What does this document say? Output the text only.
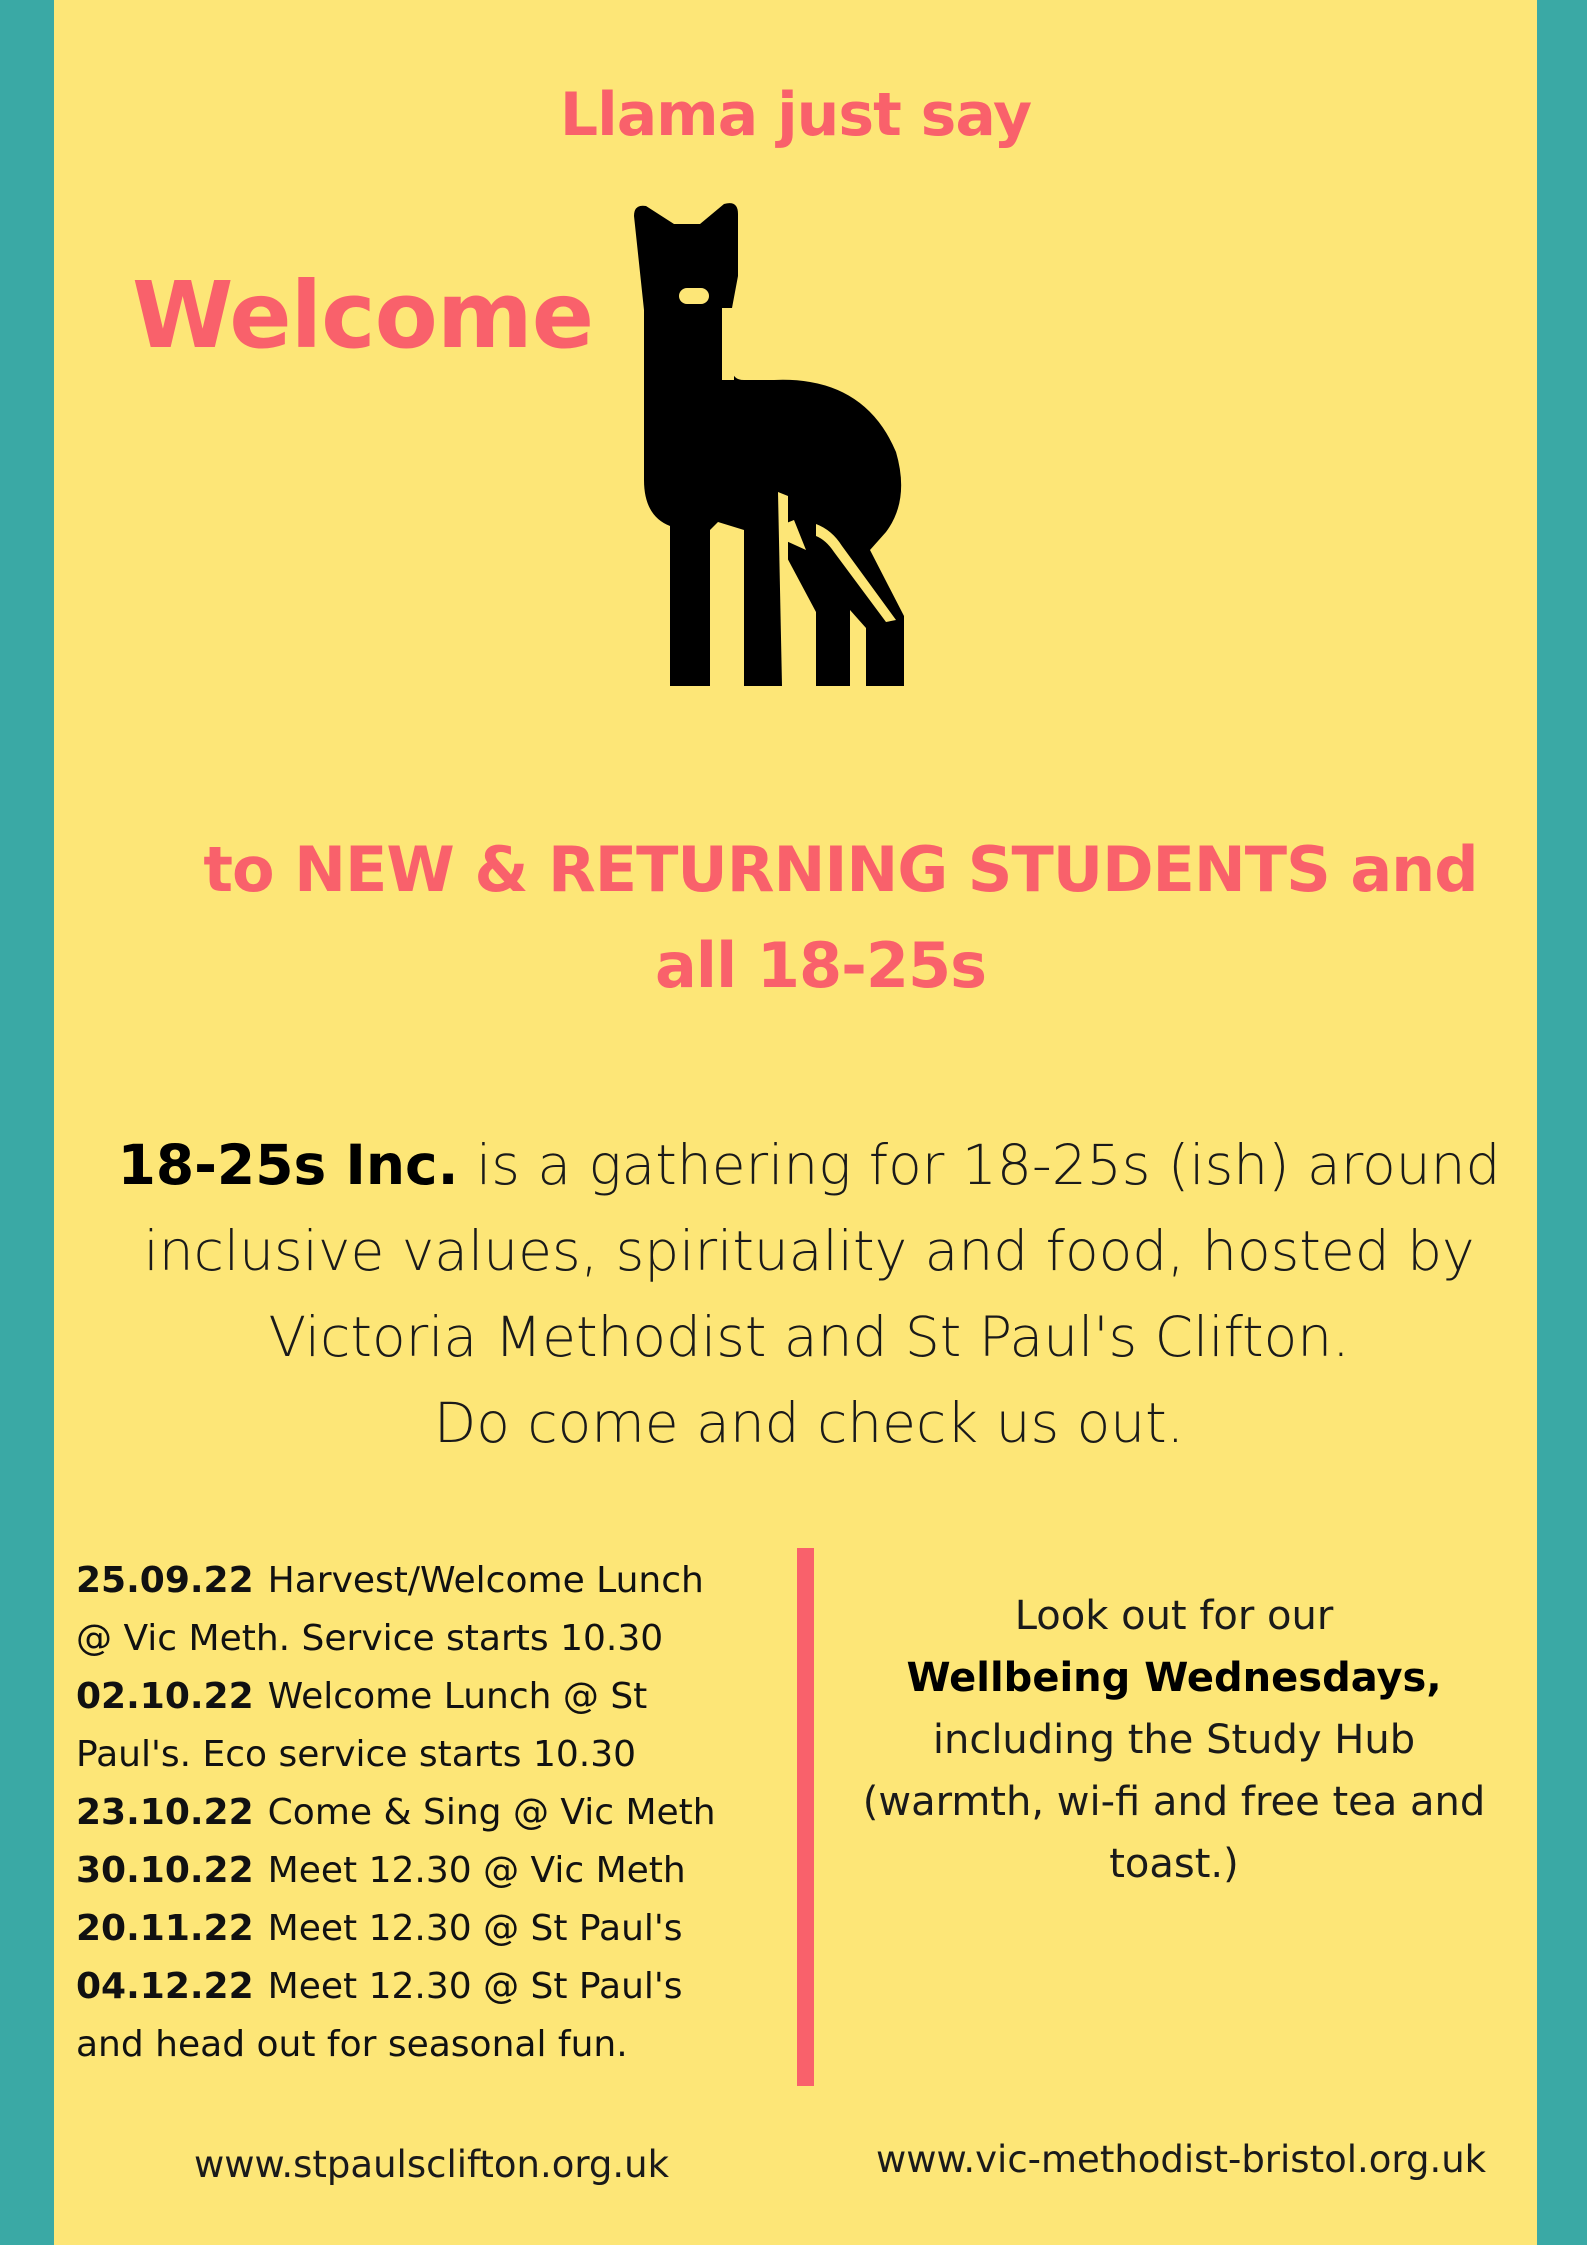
Llama just say
Welcome
to NEW & RETURNING STUDENTS and
all 18-25s
18-25s Inc. is a gathering for 18-25s (ish) around
inclusive values, spirituality and food, hosted by
Victoria Methodist and St Paul's Clifton.
Do come and check us out.
25.09.22 Harvest/Welcome Lunch
@ Vic Meth. Service starts 10.30
02.10.22 Welcome Lunch @ St
Paul's. Eco service starts 10.30
23.10.22 Come & Sing @ Vic Meth
30.10.22 Meet 12.30 @ Vic Meth
20.11.22 Meet 12.30 @ St Paul's
04.12.22 Meet 12.30 @ St Paul's
and head out for seasonal fun.
Look out for our
Wellbeing Wednesdays,
including the Study Hub
(warmth, wi-fi and free tea and
toast.)
www.stpaulsclifton.org.uk	www.vic-methodist-bristol.org.uk
